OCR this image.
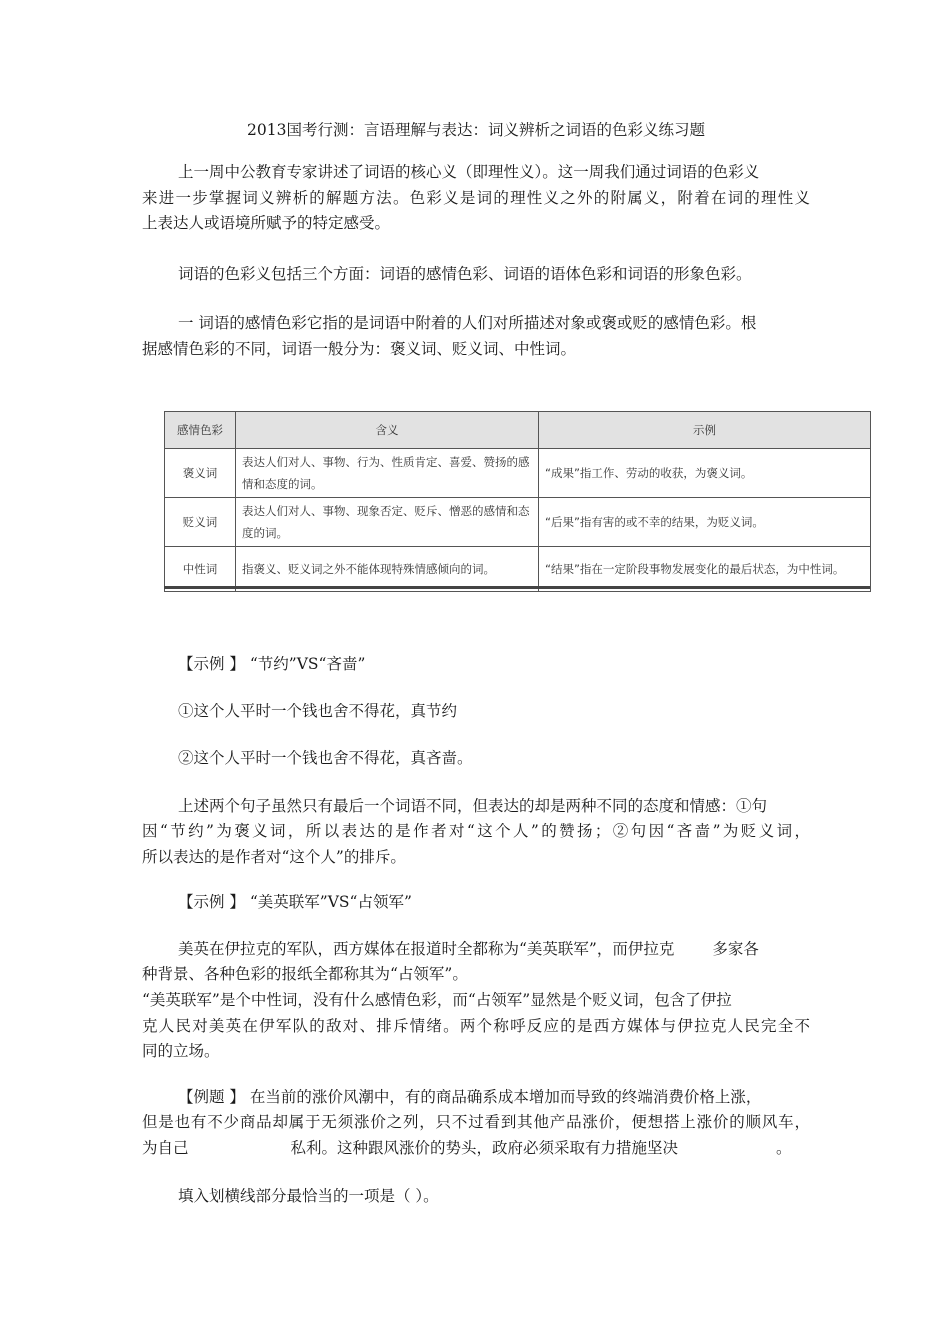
2013国考行测：言语理解与表达：词义辨析之词语的色彩义练习题

上一周中公教育专家讲述了词语的核心义（即理性义）。这一周我们通过词语的色彩义

来进一步掌握词义辨析的解题方法。色彩义是词的理性义之外的附属义，附着在词的理性义

上表达人或语境所赋予的特定感受。

词语的色彩义包括三个方面：词语的感情色彩、词语的语体色彩和词语的形象色彩。

一 词语的感情色彩它指的是词语中附着的人们对所描述对象或褒或贬的感情色彩。根

据感情色彩的不同，词语一般分为：褒义词、贬义词、中性词。

感情色彩	含义	示例
褒义词	表达人们对人、事物、行为、性质肯定、喜爱、赞扬的感情和态度的词。	“成果”指工作、劳动的收获，为褒义词。
贬义词	表达人们对人、事物、现象否定、贬斥、憎恶的感情和态度的词。	“后果”指有害的或不幸的结果，为贬义词。
中性词	指褒义、贬义词之外不能体现特殊情感倾向的词。	“结果”指在一定阶段事物发展变化的最后状态，为中性词。

【示例 】 “节约”VS“吝啬”

①这个人平时一个钱也舍不得花，真节约

②这个人平时一个钱也舍不得花，真吝啬。

上述两个句子虽然只有最后一个词语不同，但表达的却是两种不同的态度和情感：①句

因“节约”为褒义词，所以表达的是作者对“这个人”的赞扬；②句因“吝啬”为贬义词，

所以表达的是作者对“这个人”的排斥。

【示例 】 “美英联军”VS“占领军”

美英在伊拉克的军队，西方媒体在报道时全都称为“美英联军”，而伊拉克 多家各

种背景、各种色彩的报纸全都称其为“占领军”。

“美英联军”是个中性词，没有什么感情色彩，而“占领军”显然是个贬义词，包含了伊拉

克人民对美英在伊军队的敌对、排斥情绪。两个称呼反应的是西方媒体与伊拉克人民完全不

同的立场。

【例题 】 在当前的涨价风潮中，有的商品确系成本增加而导致的终端消费价格上涨，

但是也有不少商品却属于无须涨价之列，只不过看到其他产品涨价，便想搭上涨价的顺风车，

为自己	私利。这种跟风涨价的势头，政府必须采取有力措施坚决	。

填入划横线部分最恰当的一项是（ ）。
